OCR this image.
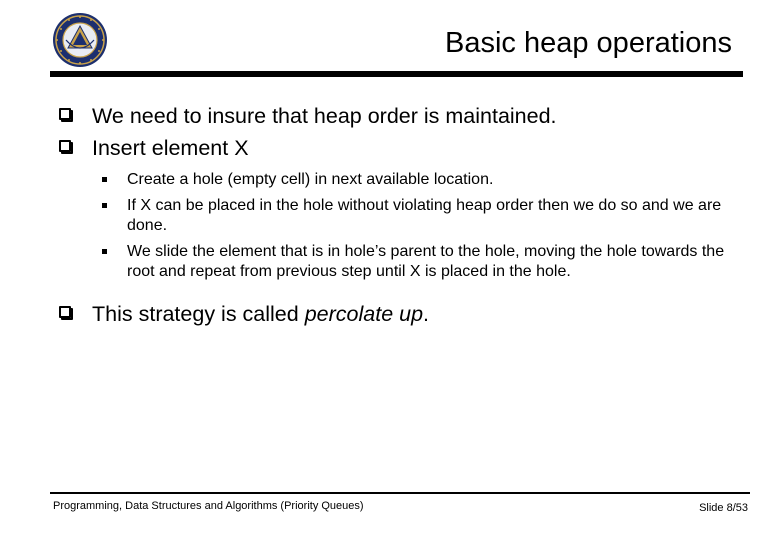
Basic heap operations
We need to insure that heap order is maintained.
Insert element X
Create a hole (empty cell) in next available location.
If X can be placed in the hole without violating heap order then we do so and we are done.
We slide the element that is in hole’s parent to the hole, moving the hole towards the root and repeat from previous step until X is placed in the hole.
This strategy is called percolate up.
Programming, Data Structures and Algorithms (Priority Queues)	Slide 8/53
